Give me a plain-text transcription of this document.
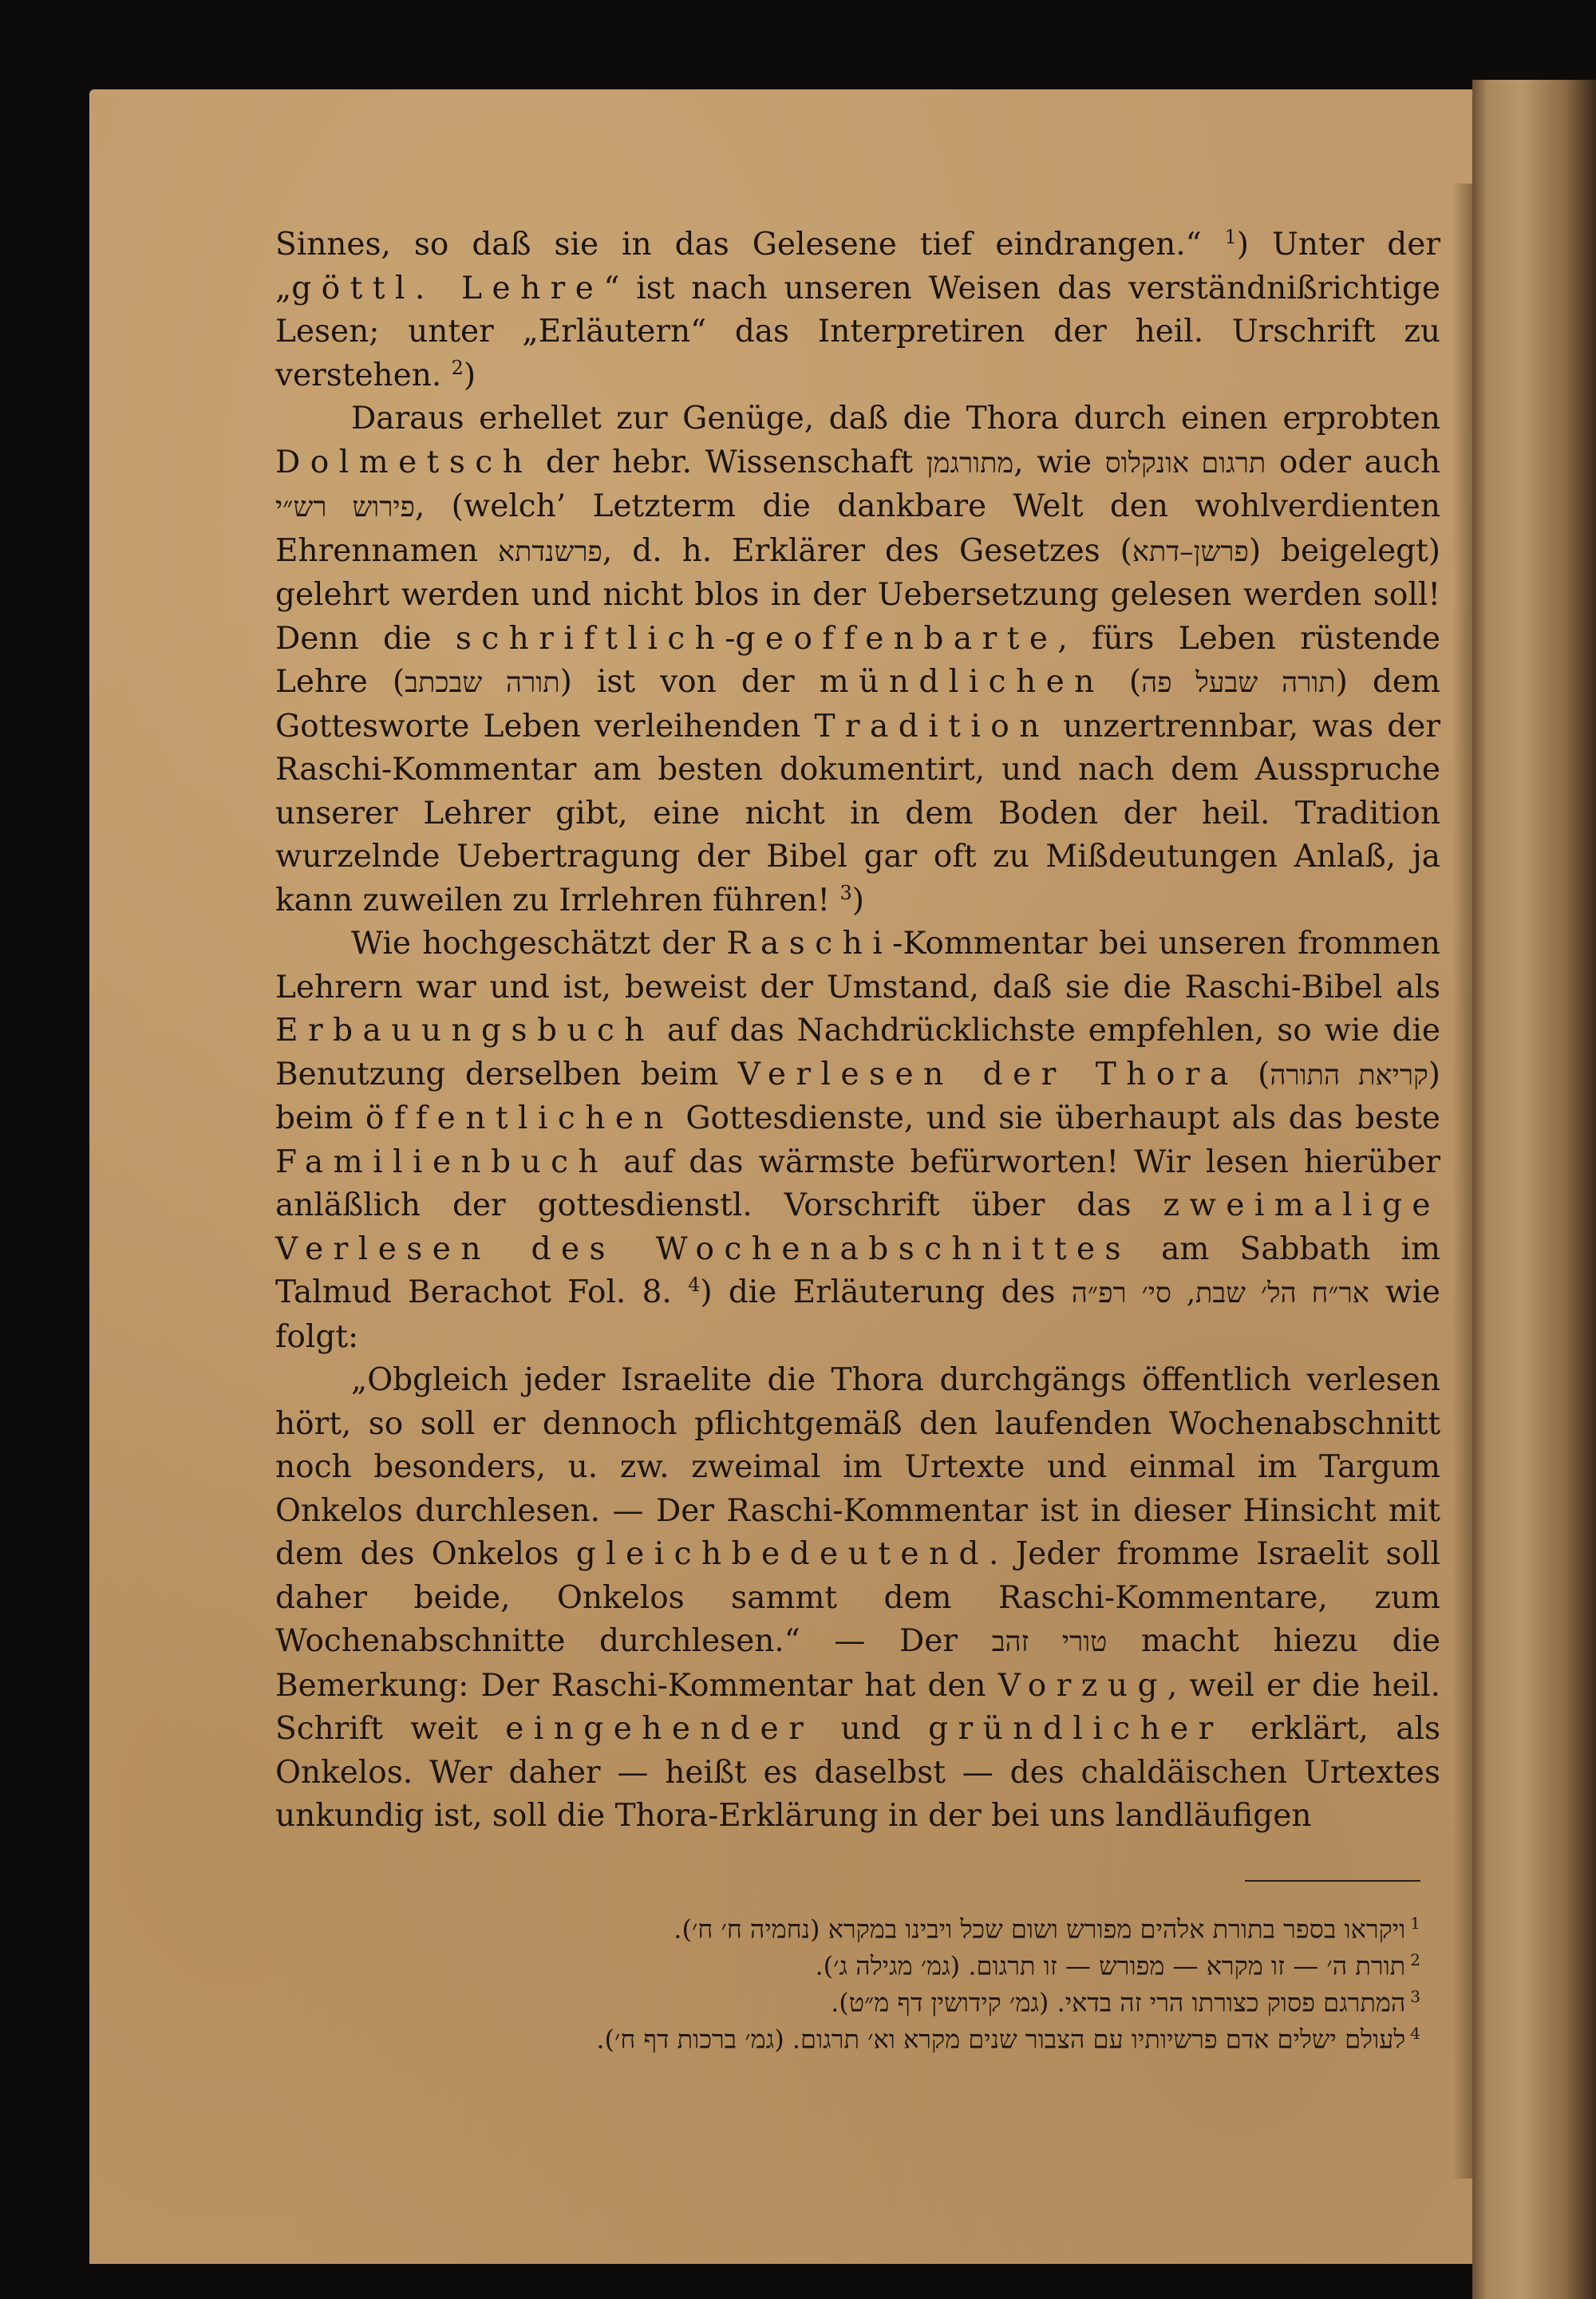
Sinnes, so daß sie in das Gelesene tief eindrangen.“ $^1$) Unter der „göttl. Lehre“ ist nach unseren Weisen das verständnißrichtige Lesen; unter „Erläutern“ das Interpretiren der heil. Urschrift zu verstehen. $^2$)

Daraus erhellet zur Genüge, daß die Thora durch einen erprobten Dolmetsch der hebr. Wissenschaft מתורגמן, wie תרגום אונקלוס oder auch פירוש רש״י, (welch’ Letzterm die dankbare Welt den wohlverdienten Ehrennamen פרשנדתא, d. h. Erklärer des Gesetzes (פרשן–דתא) beigelegt) gelehrt werden und nicht blos in der Uebersetzung gelesen werden soll! Denn die schriftlich-geoffenbarte, fürs Leben rüstende Lehre (תורה שבכתב) ist von der mündlichen (תורה שבעל פה) dem Gottesworte Leben verleihenden Tradition unzertrennbar, was der Raschi-Kommentar am besten dokumentirt, und nach dem Ausspruche unserer Lehrer gibt, eine nicht in dem Boden der heil. Tradition wurzelnde Uebertragung der Bibel gar oft zu Mißdeutungen Anlaß, ja kann zuweilen zu Irrlehren führen! $^3$)

Wie hochgeschätzt der Raschi-Kommentar bei unseren frommen Lehrern war und ist, beweist der Umstand, daß sie die Raschi-Bibel als Erbauungsbuch auf das Nachdrücklichste empfehlen, so wie die Benutzung derselben beim Verlesen der Thora (קריאת התורה) beim öffentlichen Gottesdienste, und sie überhaupt als das beste Familienbuch auf das wärmste befürworten! Wir lesen hierüber anläßlich der gottesdienstl. Vorschrift über das zweimalige Verlesen des Wochenabschnittes am Sabbath im Talmud Berachot Fol. 8. $^4$) die Erläuterung des אר״ח הל׳ שבת, סי׳ רפ״ה wie folgt:

„Obgleich jeder Israelite die Thora durchgängs öffentlich verlesen hört, so soll er dennoch pflichtgemäß den laufenden Wochenabschnitt noch besonders, u. zw. zweimal im Urtexte und einmal im Targum Onkelos durchlesen. — Der Raschi-Kommentar ist in dieser Hinsicht mit dem des Onkelos gleichbedeutend. Jeder fromme Israelit soll daher beide, Onkelos sammt dem Raschi-Kommentare, zum Wochenabschnitte durchlesen.“ — Der טורי זהב macht hiezu die Bemerkung: Der Raschi-Kommentar hat den Vorzug, weil er die heil. Schrift weit eingehender und gründlicher erklärt, als Onkelos. Wer daher — heißt es daselbst — des chaldäischen Urtextes unkundig ist, soll die Thora-Erklärung in der bei uns landläufigen

$^1$ויקראו בספר בתורת אלהים מפורש ושום שכל ויבינו במקרא (נחמיה ח׳ ח׳).
$^2$תורת ה׳ — זו מקרא — מפורש — זו תרגום. (גמ׳ מגילה ג׳).
$^3$המתרגם פסוק כצורתו הרי זה בדאי. (גמ׳ קידושין דף מ״ט).
$^4$לעולם ישלים אדם פרשיותיו עם הצבור שנים מקרא וא׳ תרגום. (גמ׳ ברכות דף ח׳).
